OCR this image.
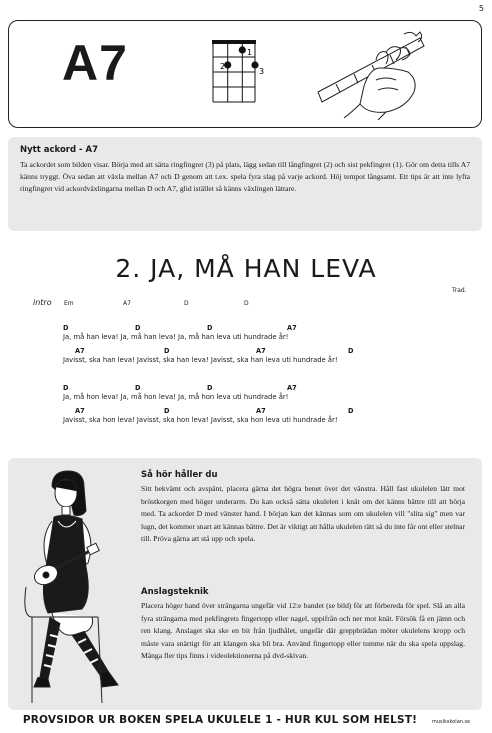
5
A7	1
2
3
Nytt ackord - A7
Ta ackordet som bilden visar. Börja med att sätta ringfingret (3) på plats, lägg sedan till långfingret (2) och sist pekfingret (1). Gör om detta tills A7 känns tryggt. Öva sedan att växla mellan A7 och D genom att t.ex. spela fyra slag på varje ackord. Höj tempot långsamt. Ett tips är att inte lyfta ringfingret vid ackordväxlingarna mellan D och A7, glid istället så känns växlingen lättare.
2. JA, MÅ HAN LEVA
Trad.
intro Em	A7	D	D
D	D	D	A7
Ja, må han leva! Ja, må han leva! Ja, må han leva uti hundrade år!
A7	D	A7	D
Javisst, ska han leva! Javisst, ska han leva! Javisst, ska han leva uti hundrade år!
D	D	D	A7
Ja, må hon leva! Ja, må hon leva! Ja, må hon leva uti hundrade år!
A7	D	A7	D
Javisst, ska hon leva! Javisst, ska hon leva! Javisst, ska hon leva uti hundrade år!
Så hör håller du
Sitt bekvämt och avspänt, placera gärna det högra benet över det vänstra. Håll fast ukulelen lätt mot bröstkorgen med höger underarm. Du kan också sätta ukulelen i knät om det känns bättre till att börja med. Ta ackordet D med vänster hand. I början kan det kännas som om ukulelen vill "slita sig" men var lugn, det kommer snart att kännas bättre. Det är viktigt att hålla ukulelen rätt så du inte får ont eller stelnar till. Pröva gärna att stå upp och spela.
Anslagsteknik
Placera höger hand över strängarna ungefär vid 12:e bandet (se bild) för att förbereda för spel. Slå an alla fyra strängarna med pekfingrets fingertopp eller nagel, uppifrån och ner mot knät. Försök få en jämn och ren klang. Anslaget ska ske en bit från ljudhålet, ungefär där greppbrädan möter ukulelens kropp och måste vara snärtigt för att klangen ska bli bra. Använd fingertopp eller tumme när du ska spela uppslag. Många fler tips finns i videolektionerna på dvd-skivan.
PROVSIDOR UR BOKEN SPELA UKULELE 1 - HUR KUL SOM HELST!	musikskolan.se
